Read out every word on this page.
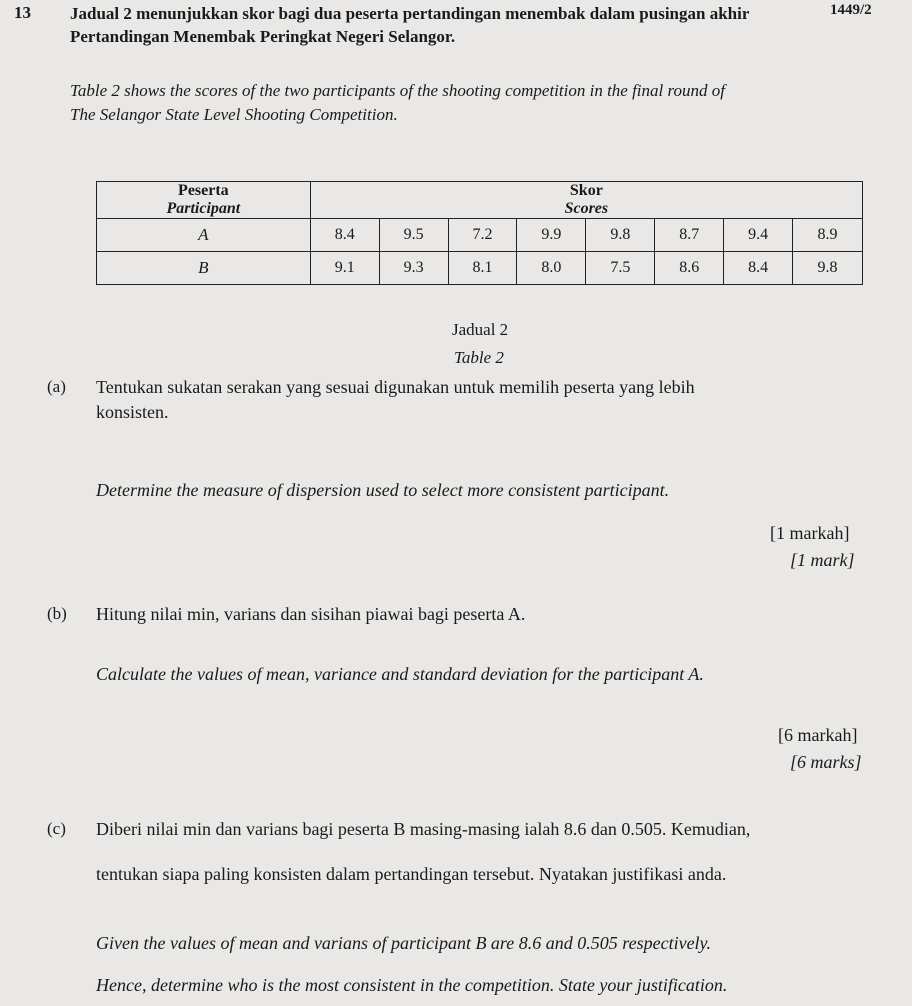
1449/2
13 Jadual 2 menunjukkan skor bagi dua peserta pertandingan menembak dalam pusingan akhir
Pertandingan Menembak Peringkat Negeri Selangor.
Table 2 shows the scores of the two participants of the shooting competition in the final round of
The Selangor State Level Shooting Competition.
Peserta
Participant	Skor
Scores							

A	8.4	9.5	7.2	9.9	9.8	8.7	9.4	8.9
B	9.1	9.3	8.1	8.0	7.5	8.6	8.4	9.8
Jadual 2
Table 2
(a) Tentukan sukatan serakan yang sesuai digunakan untuk memilih peserta yang lebih
konsisten.
Determine the measure of dispersion used to select more consistent participant.
[1 markah]
[1 mark]
(b) Hitung nilai min, varians dan sisihan piawai bagi peserta A.
Calculate the values of mean, variance and standard deviation for the participant A.
[6 markah]
[6 marks]
(c) Diberi nilai min dan varians bagi peserta B masing-masing ialah 8.6 dan 0.505. Kemudian,
tentukan siapa paling konsisten dalam pertandingan tersebut. Nyatakan justifikasi anda.
Given the values of mean and varians of participant B are 8.6 and 0.505 respectively.
Hence, determine who is the most consistent in the competition. State your justification.
